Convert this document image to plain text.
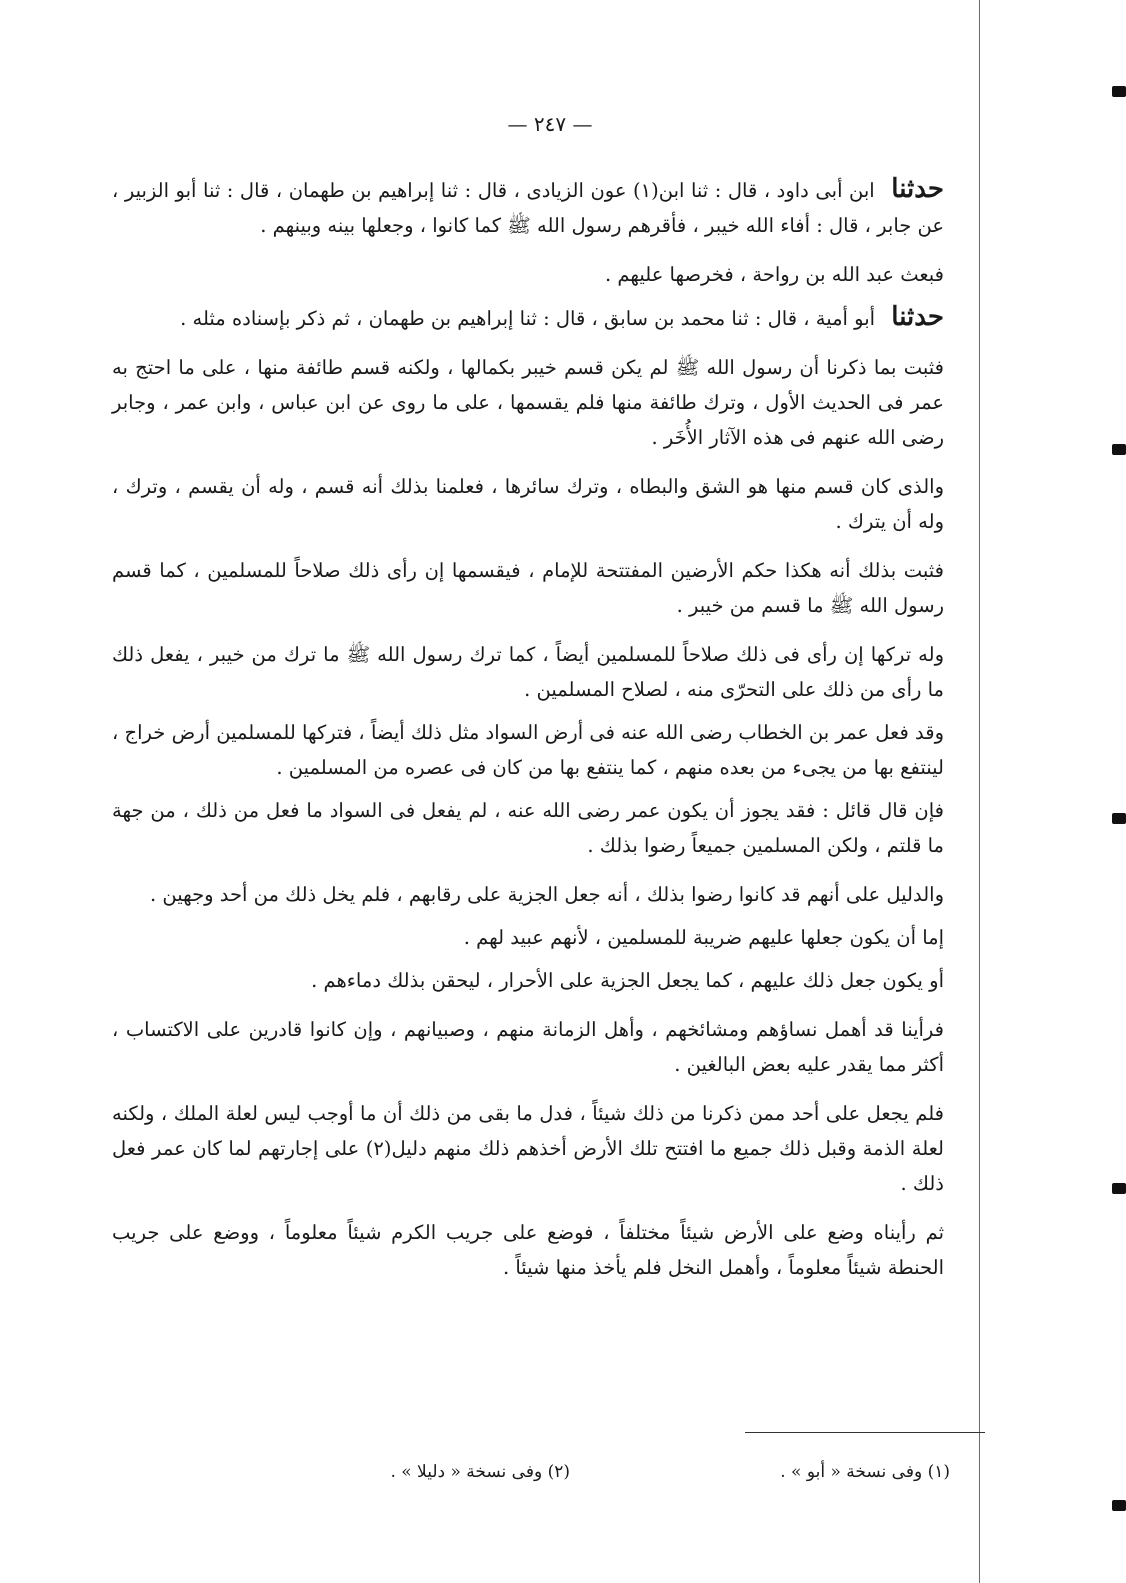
— ٢٤٧ —

حدثنا ابن أبى داود ، قال : ثنا ابن(١) عون الزيادى ، قال : ثنا إبراهيم بن طهمان ، قال : ثنا أبو الزبير ، عن جابر ، قال : أفاء الله خيبر ، فأقرهم رسول الله ﷺ كما كانوا ، وجعلها بينه وبينهم .

فبعث عبد الله بن رواحة ، فخرصها عليهم .

حدثنا أبو أمية ، قال : ثنا محمد بن سابق ، قال : ثنا إبراهيم بن طهمان ، ثم ذكر بإسناده مثله .

فثبت بما ذكرنا أن رسول الله ﷺ لم يكن قسم خيبر بكمالها ، ولكنه قسم طائفة منها ، على ما احتج به عمر فى الحديث الأول ، وترك طائفة منها فلم يقسمها ، على ما روى عن ابن عباس ، وابن عمر ، وجابر رضى الله عنهم فى هذه الآثار الأُخَر .

والذى كان قسم منها هو الشق والبطاه ، وترك سائرها ، فعلمنا بذلك أنه قسم ، وله أن يقسم ، وترك ، وله أن يترك .

فثبت بذلك أنه هكذا حكم الأرضين المفتتحة للإمام ، فيقسمها إن رأى ذلك صلاحاً للمسلمين ، كما قسم رسول الله ﷺ ما قسم من خيبر .

وله تركها إن رأى فى ذلك صلاحاً للمسلمين أيضاً ، كما ترك رسول الله ﷺ ما ترك من خيبر ، يفعل ذلك ما رأى من ذلك على التحرّى منه ، لصلاح المسلمين .

وقد فعل عمر بن الخطاب رضى الله عنه فى أرض السواد مثل ذلك أيضاً ، فتركها للمسلمين أرض خراج ، لينتفع بها من يجىء من بعده منهم ، كما ينتفع بها من كان فى عصره من المسلمين .

فإن قال قائل : فقد يجوز أن يكون عمر رضى الله عنه ، لم يفعل فى السواد ما فعل من ذلك ، من جهة ما قلتم ، ولكن المسلمين جميعاً رضوا بذلك .

والدليل على أنهم قد كانوا رضوا بذلك ، أنه جعل الجزية على رقابهم ، فلم يخل ذلك من أحد وجهين .

إما أن يكون جعلها عليهم ضريبة للمسلمين ، لأنهم عبيد لهم .

أو يكون جعل ذلك عليهم ، كما يجعل الجزية على الأحرار ، ليحقن بذلك دماءهم .

فرأينا قد أهمل نساؤهم ومشائخهم ، وأهل الزمانة منهم ، وصبيانهم ، وإن كانوا قادرين على الاكتساب ، أكثر مما يقدر عليه بعض البالغين .

فلم يجعل على أحد ممن ذكرنا من ذلك شيئاً ، فدل ما بقى من ذلك أن ما أوجب ليس لعلة الملك ، ولكنه لعلة الذمة وقبل ذلك جميع ما افتتح تلك الأرض أخذهم ذلك منهم دليل(٢) على إجارتهم لما كان عمر فعل ذلك .

ثم رأيناه وضع على الأرض شيئاً مختلفاً ، فوضع على جريب الكرم شيئاً معلوماً ، ووضع على جريب الحنطة شيئاً معلوماً ، وأهمل النخل فلم يأخذ منها شيئاً .

(١) وفى نسخة « أبو » .
(٢) وفى نسخة « دليلا » .
